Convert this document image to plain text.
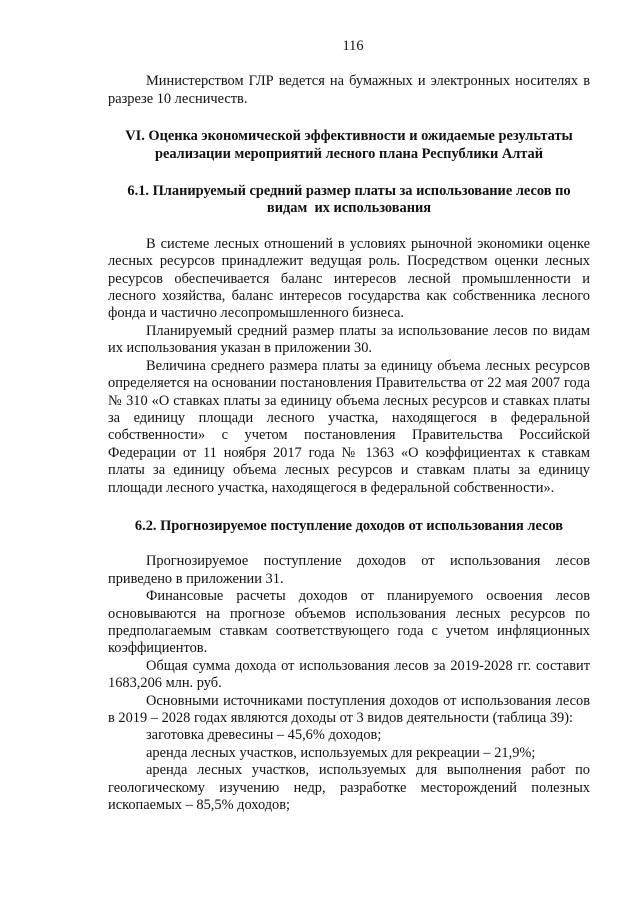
116

Министерством ГЛР ведется на бумажных и электронных носителях в разрезе 10 лесничеств.

VI. Оценка экономической эффективности и ожидаемые результаты
реализации мероприятий лесного плана Республики Алтай
6.1. Планируемый средний размер платы за использование лесов по
видам  их использования

В системе лесных отношений в условиях рыночной экономики оценке лесных ресурсов принадлежит ведущая роль. Посредством оценки лесных ресурсов обеспечивается баланс интересов лесной промышленности и лесного хозяйства, баланс интересов государства как собственника лесного фонда и частично лесопромышленного бизнеса.

Планируемый средний размер платы за использование лесов по видам их использования указан в приложении 30.

Величина среднего размера платы за единицу объема лесных ресурсов определяется на основании постановления Правительства от 22 мая 2007 года № 310 «О ставках платы за единицу объема лесных ресурсов и ставках платы за единицу площади лесного участка, находящегося в федеральной собственности» с учетом постановления Правительства Российской Федерации от 11 ноября 2017 года № 1363 «О коэффициентах к ставкам платы за единицу объема лесных ресурсов и ставкам платы за единицу площади лесного участка, находящегося в федеральной собственности».

6.2. Прогнозируемое поступление доходов от использования лесов

Прогнозируемое поступление доходов от использования лесов приведено в приложении 31.

Финансовые расчеты доходов от планируемого освоения лесов основываются на прогнозе объемов использования лесных ресурсов по предполагаемым ставкам соответствующего года с учетом инфляционных коэффициентов.

Общая сумма дохода от использования лесов за 2019-2028 гг. составит 1683,206 млн. руб.

Основными источниками поступления доходов от использования лесов в 2019 – 2028 годах являются доходы от 3 видов деятельности (таблица 39):

заготовка древесины – 45,6% доходов;

аренда лесных участков, используемых для рекреации – 21,9%;

аренда лесных участков, используемых для выполнения работ по геологическому изучению недр, разработке месторождений полезных ископаемых – 85,5% доходов;
